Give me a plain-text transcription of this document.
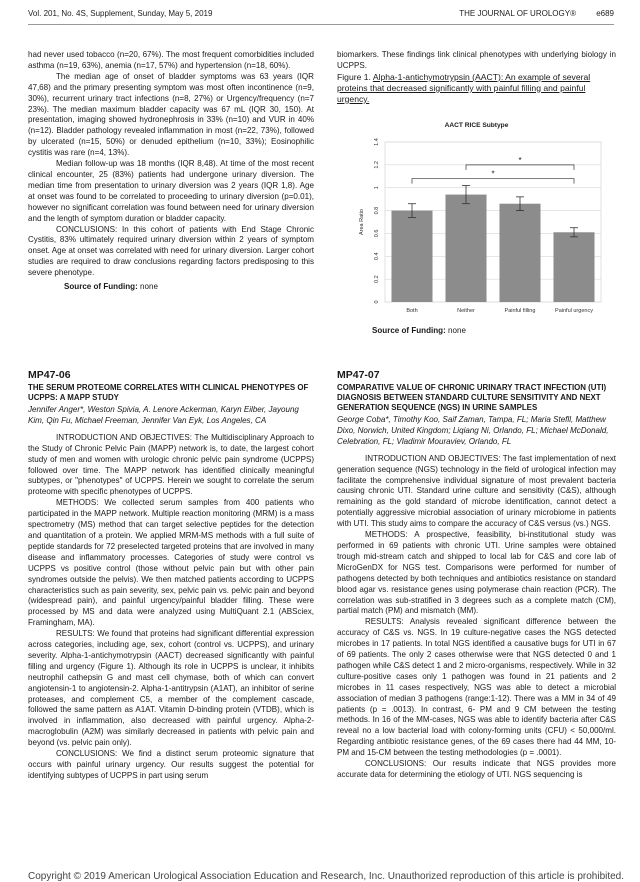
Vol. 201, No. 4S, Supplement, Sunday, May 5, 2019	THE JOURNAL OF UROLOGY®	e689

had never used tobacco (n=20, 67%). The most frequent comorbidities included asthma (n=19, 63%), anemia (n=17, 57%) and hypertension (n=18, 60%).

The median age of onset of bladder symptoms was 63 years (IQR 47,68) and the primary presenting symptom was most often incontinence (n=9, 30%), recurrent urinary tract infections (n=8, 27%) or Urgency/frequency (n=7 23%). The median maximum bladder capacity was 67 mL (IQR 30, 150). At presentation, imaging showed hydronephrosis in 33% (n=10) and VUR in 40% (n=12). Bladder pathology revealed inflammation in most (n=22, 73%), followed by ulcerated (n=15, 50%) or denuded epithelium (n=10, 33%); Eosinophilic cystitis was rare (n=4, 13%).

Median follow-up was 18 months (IQR 8,48). At time of the most recent clinical encounter, 25 (83%) patients had undergone urinary diversion. The median time from presentation to urinary diversion was 2 years (IQR 1,8). Age at onset was found to be correlated to proceeding to urinary diversion (p=0.01), however no significant correlation was found between need for urinary diversion and the length of symptom duration or bladder capacity.

CONCLUSIONS: In this cohort of patients with End Stage Chronic Cystitis, 83% ultimately required urinary diversion within 2 years of symptom onset. Age at onset was correlated with need for urinary diversion. Larger cohort studies are required to draw conclusions regarding factors predisposing to this severe phenotype.

Source of Funding: none

biomarkers. These findings link clinical phenotypes with underlying biology in UCPPS.

Figure 1. Alpha-1-antichymotrypsin (AACT): An example of several proteins that decreased significantly with painful filling and painful urgency.

AACT RICE Subtype
0
0.2
0.4
0.6
0.8
1
1.2
1.4
Area Ratio
Both	Neither	Painful filling	Painful urgency
*
*

Source of Funding: none

MP47-06
THE SERUM PROTEOME CORRELATES WITH CLINICAL PHENOTYPES OF UCPPS: A MAPP STUDY
Jennifer Anger*, Weston Spivia, A. Lenore Ackerman, Karyn Eilber, Jayoung Kim, Qin Fu, Michael Freeman, Jennifer Van Eyk, Los Angeles, CA

INTRODUCTION AND OBJECTIVES: The Multidisciplinary Approach to the Study of Chronic Pelvic Pain (MAPP) network is, to date, the largest cohort study of men and women with urologic chronic pelvic pain syndrome (UCPPS) followed over time. The MAPP network has identified clinically meaningful subtypes, or "phenotypes" of UCPPS. Herein we sought to correlate the serum proteome with specific phenotypes of UCPPS.

METHODS: We collected serum samples from 400 patients who participated in the MAPP network. Multiple reaction monitoring (MRM) is a mass spectrometry (MS) method that can target selective peptides for the detection and quantitation of a protein. We applied MRM-MS methods with a full suite of peptide standards for 72 preselected targeted proteins that are involved in many disease and inflammatory processes. Categories of study were control vs UCPPS vs positive control (those without pelvic pain but with other pain syndromes outside the pelvis). We then matched patients according to UCPPS characteristics such as pain severity, sex, pelvic pain vs. pelvic pain and beyond (widespread pain), and painful urgency/painful bladder filling. These were processed by MS and data were analyzed using MultiQuant 2.1 (ABSciex, Framingham, MA).

RESULTS: We found that proteins had significant differential expression across categories, including age, sex, cohort (control vs. UCPPS), and urinary severity. Alpha-1-antichymotrypsin (AACT) decreased significantly with painful filling and urgency (Figure 1). Although its role in UCPPS is unclear, it inhibits neutrophil cathepsin G and mast cell chymase, both of which can convert angiotensin-1 to angiotensin-2. Alpha-1-antitrypsin (A1AT), an inhibitor of serine proteases, and complement C5, a member of the complement cascade, followed the same pattern as A1AT. Vitamin D-binding protein (VTDB), which is involved in inflammation, also decreased with painful urgency. Alpha-2-macroglobulin (A2M) was similarly decreased in patients with pelvic pain and beyond (vs. pelvic pain only).

CONCLUSIONS: We find a distinct serum proteomic signature that occurs with painful urinary urgency. Our results suggest the potential for identifying subtypes of UCPPS in part using serum

MP47-07
COMPARATIVE VALUE OF CHRONIC URINARY TRACT INFECTION (UTI) DIAGNOSIS BETWEEN STANDARD CULTURE SENSITIVITY AND NEXT GENERATION SEQUENCE (NGS) IN URINE SAMPLES
George Coba*, Timothy Koo, Saif Zaman, Tampa, FL; Maria Stefll, Matthew Dixo, Norwich, United Kingdom; Liqiang Ni, Orlando, FL; Michael McDonald, Celebration, FL; Vladimir Mouraviev, Orlando, FL

INTRODUCTION AND OBJECTIVES: The fast implementation of next generation sequence (NGS) technology in the field of urological infection may facilitate the comprehensive individual signature of most prevalent bacteria causing chronic UTI. Standard urine culture and sensitivity (C&S), although remaining as the gold standard of microbe identification, cannot detect a potentially aggressive microbial association of urinary microbiome in patients with UTI. This study aims to compare the accuracy of C&S versus (vs.) NGS.

METHODS: A prospective, feasibility, bi-institutional study was performed in 69 patients with chronic UTI. Urine samples were obtained trough mid-stream catch and shipped to local lab for C&S and core lab of MicroGenDX for NGS test. Comparisons were performed for number of pathogens detected by both techniques and antibiotics resistance on standard blood agar vs. resistance genes using polymerase chain reaction (PCR). The correlation was sub-stratified in 3 degrees such as a complete match (CM), partial match (PM) and mismatch (MM).

RESULTS: Analysis revealed significant difference between the accuracy of C&S vs. NGS. In 19 culture-negative cases the NGS detected microbes in 17 patients. In total NGS identified a causative bugs for UTI in 67 of 69 patients. The only 2 cases otherwise were that NGS detected 0 and 1 pathogen while C&S detect 1 and 2 micro-organisms, respectively. While in 32 culture-positive cases only 1 pathogen was found in 21 patients and 2 microbes in 11 cases respectively, NGS was able to detect a microbial association of median 3 pathogens (range:1-12). There was a MM in 34 of 49 patients (p = .0013). In contrast, 6- PM and 9 CM between the testing methods. In 16 of the MM-cases, NGS was able to identify bacteria after C&S reveal no a low bacterial load with colony-forming units (CFU) < 50,000/ml. Regarding antibiotic resistance genes, of the 69 cases there had 44 MM, 10- PM and 15-CM between the testing methodologies (p = .0001).

CONCLUSIONS: Our results indicate that NGS provides more accurate data for determining the etiology of UTI. NGS sequencing is

Copyright © 2019 American Urological Association Education and Research, Inc. Unauthorized reproduction of this article is prohibited.
